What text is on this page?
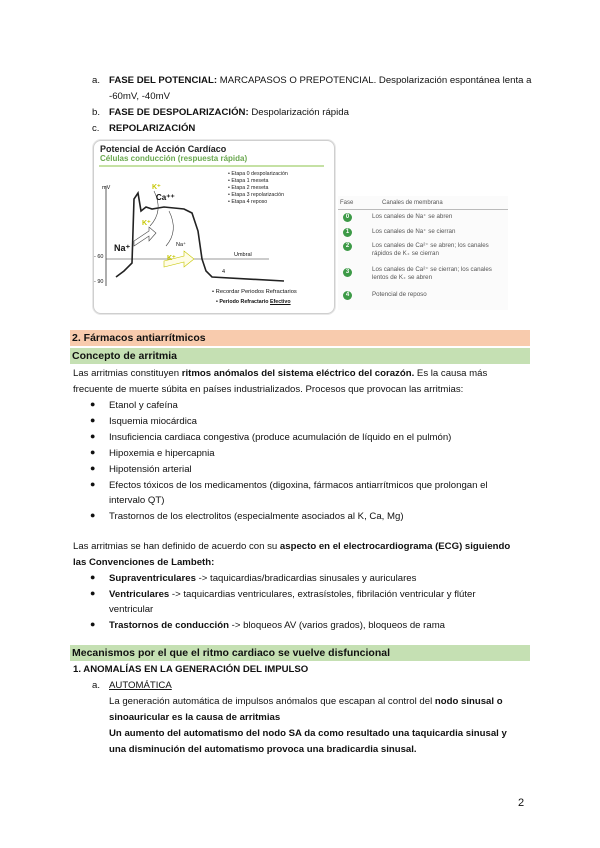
a. FASE DEL POTENCIAL: MARCAPASOS O PREPOTENCIAL. Despolarización espontánea lenta a
-60mV, -40mV
b. FASE DE DESPOLARIZACIÓN: Despolarización rápida
c. REPOLARIZACIÓN
Potencial de Acción Cardíaco
Células conducción (respuesta rápida)
mV
- 60
- 90
Umbral
4
K⁺
Ca⁺⁺
K⁺
Na⁺	Na⁺
K⁺
• Etapa 0 despolarización
• Etapa 1 meseta
• Etapa 2 meseta
• Etapa 3 repolarización
• Etapa 4 reposo
• Recordar Periodos Refractarios
• Periodo Refractario Efectivo
Fase	Canales de membrana
0	Los canales de Na⁺ se abren
1	Los canales de Na⁺ se cierran
2	Los canales de Ca²⁺ se abren; los canales
rápidos de K₊ se cierran
3	Los canales de Ca²⁺ se cierran; los canales
lentos de K₊ se abren
4	Potencial de reposo
2. Fármacos antiarrítmicos
Concepto de arritmia
Las arritmias constituyen ritmos anómalos del sistema eléctrico del corazón. Es la causa más
frecuente de muerte súbita en países industrializados. Procesos que provocan las arritmias:
● Etanol y cafeína
● Isquemia miocárdica
● Insuficiencia cardiaca congestiva (produce acumulación de líquido en el pulmón)
● Hipoxemia e hipercapnia
● Hipotensión arterial
● Efectos tóxicos de los medicamentos (digoxina, fármacos antiarrítmicos que prolongan el
intervalo QT)
● Trastornos de los electrolitos (especialmente asociados al K, Ca, Mg)
Las arritmias se han definido de acuerdo con su aspecto en el electrocardiograma (ECG) siguiendo
las Convenciones de Lambeth:
● Supraventriculares -> taquicardias/bradicardias sinusales y auriculares
● Ventriculares -> taquicardias ventriculares, extrasístoles, fibrilación ventricular y flúter
ventricular
● Trastornos de conducción -> bloqueos AV (varios grados), bloqueos de rama
Mecanismos por el que el ritmo cardiaco se vuelve disfuncional
1. ANOMALÍAS EN LA GENERACIÓN DEL IMPULSO
a. AUTOMÁTICA
La generación automática de impulsos anómalos que escapan al control del nodo sinusal o
sinoauricular es la causa de arritmias
Un aumento del automatismo del nodo SA da como resultado una taquicardia sinusal y
una disminución del automatismo provoca una bradicardia sinusal.
2
